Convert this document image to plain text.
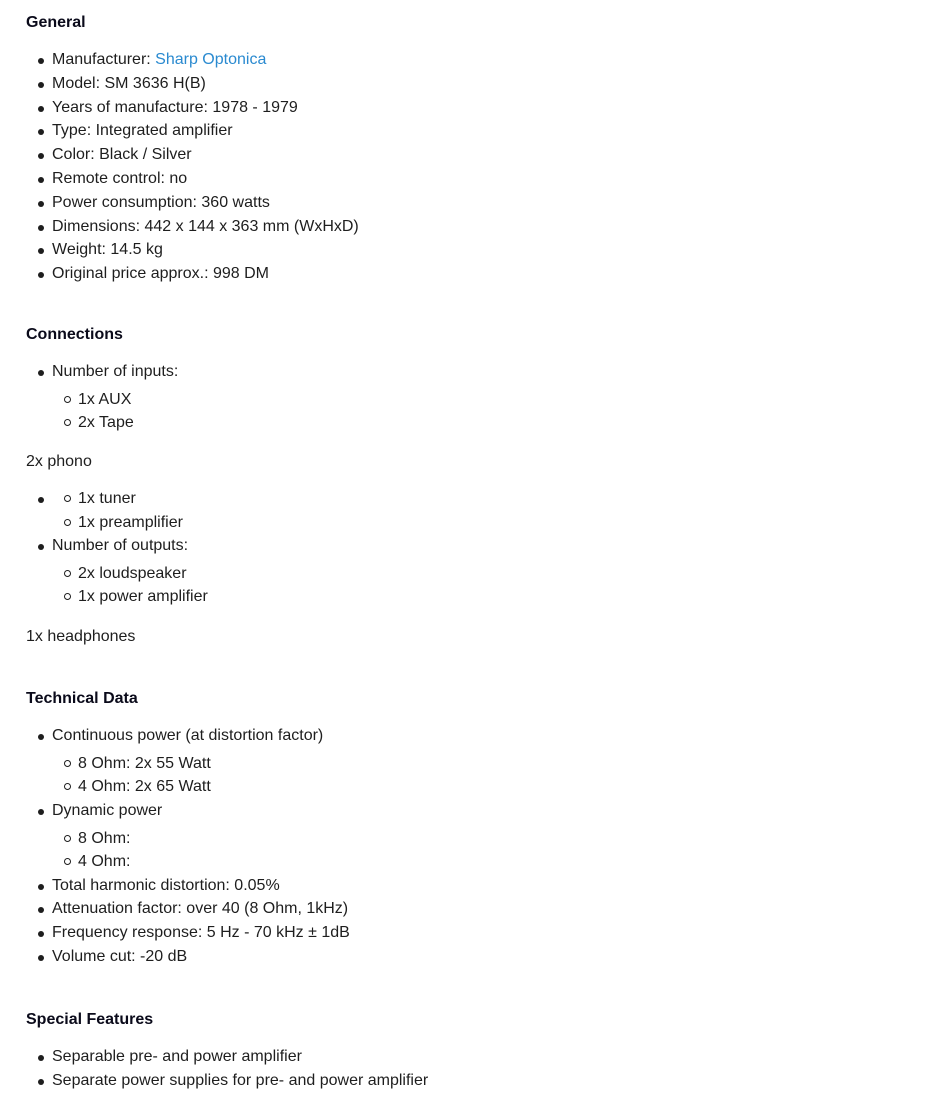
General
Manufacturer: Sharp Optonica
Model: SM 3636 H(B)
Years of manufacture: 1978 - 1979
Type: Integrated amplifier
Color: Black / Silver
Remote control: no
Power consumption: 360 watts
Dimensions: 442 x 144 x 363 mm (WxHxD)
Weight: 14.5 kg
Original price approx.: 998 DM
Connections
Number of inputs:
1x AUX
2x Tape

2x phono

1x tuner
1x preamplifier
Number of outputs:
2x loudspeaker
1x power amplifier

1x headphones

Technical Data
Continuous power (at distortion factor)
8 Ohm: 2x 55 Watt
4 Ohm: 2x 65 Watt
Dynamic power
8 Ohm:
4 Ohm:
Total harmonic distortion: 0.05%
Attenuation factor: over 40 (8 Ohm, 1kHz)
Frequency response: 5 Hz - 70 kHz ± 1dB
Volume cut: -20 dB
Special Features
Separable pre- and power amplifier
Separate power supplies for pre- and power amplifier
